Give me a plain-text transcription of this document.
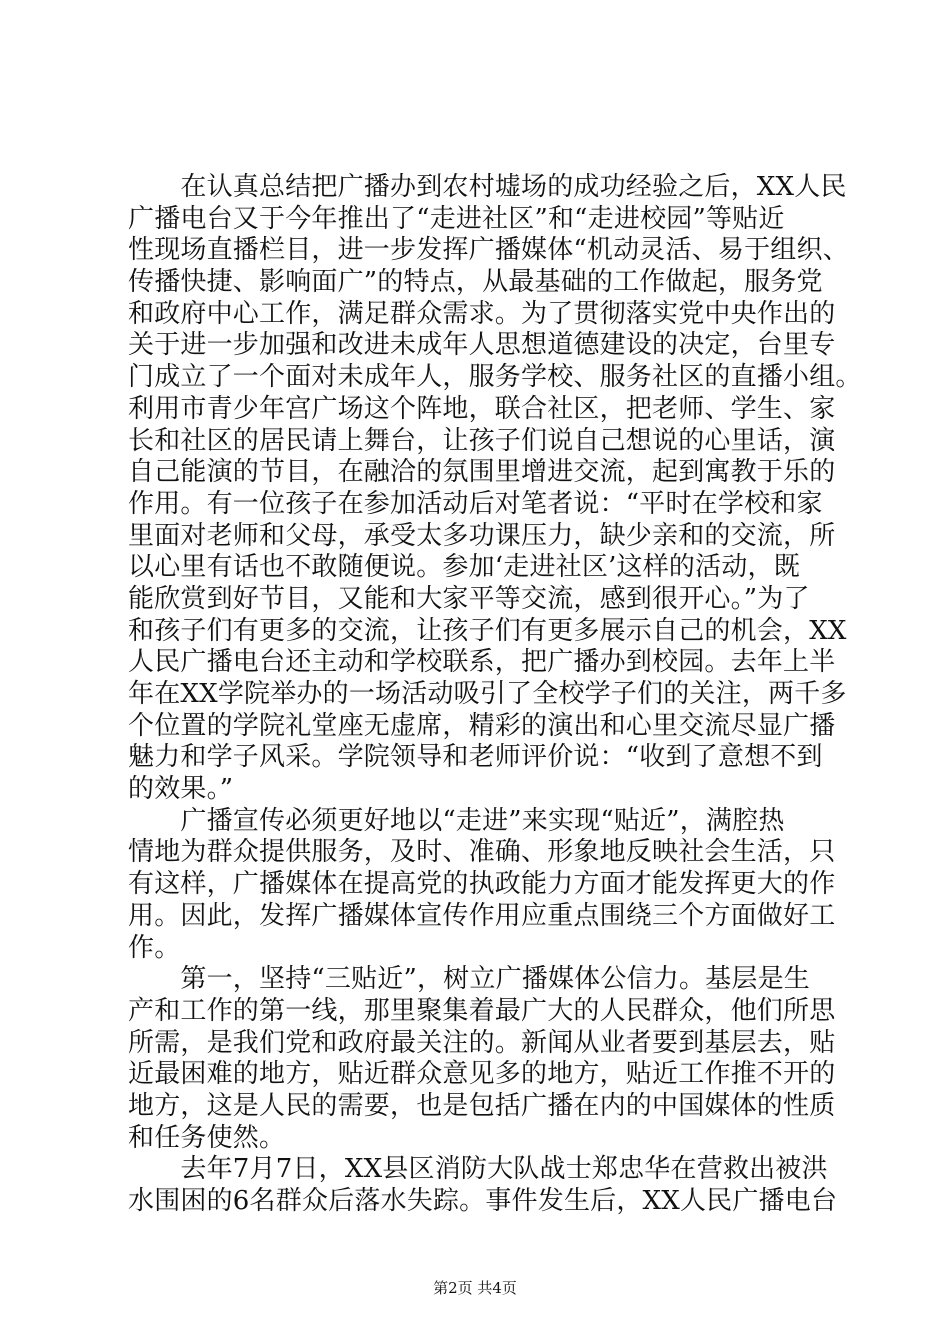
　　在认真总结把广播办到农村墟场的成功经验之后，XX人民
广播电台又于今年推出了“走进社区”和“走进校园”等贴近
性现场直播栏目，进一步发挥广播媒体“机动灵活、易于组织、
传播快捷、影响面广”的特点，从最基础的工作做起，服务党
和政府中心工作，满足群众需求。为了贯彻落实党中央作出的
关于进一步加强和改进未成年人思想道德建设的决定，台里专
门成立了一个面对未成年人，服务学校、服务社区的直播小组。
利用市青少年宫广场这个阵地，联合社区，把老师、学生、家
长和社区的居民请上舞台，让孩子们说自己想说的心里话，演
自己能演的节目，在融洽的氛围里增进交流，起到寓教于乐的
作用。有一位孩子在参加活动后对笔者说：“平时在学校和家
里面对老师和父母，承受太多功课压力，缺少亲和的交流，所
以心里有话也不敢随便说。参加‘走进社区’这样的活动，既
能欣赏到好节目，又能和大家平等交流，感到很开心。”为了
和孩子们有更多的交流，让孩子们有更多展示自己的机会，XX
人民广播电台还主动和学校联系，把广播办到校园。去年上半
年在XX学院举办的一场活动吸引了全校学子们的关注，两千多
个位置的学院礼堂座无虚席，精彩的演出和心里交流尽显广播
魅力和学子风采。学院领导和老师评价说：“收到了意想不到
的效果。”
　　广播宣传必须更好地以“走进”来实现“贴近”，满腔热
情地为群众提供服务，及时、准确、形象地反映社会生活，只
有这样，广播媒体在提高党的执政能力方面才能发挥更大的作
用。因此，发挥广播媒体宣传作用应重点围绕三个方面做好工
作。
　　第一，坚持“三贴近”，树立广播媒体公信力。基层是生
产和工作的第一线，那里聚集着最广大的人民群众，他们所思
所需，是我们党和政府最关注的。新闻从业者要到基层去，贴
近最困难的地方，贴近群众意见多的地方，贴近工作推不开的
地方，这是人民的需要，也是包括广播在内的中国媒体的性质
和任务使然。
　　去年7月7日，XX县区消防大队战士郑忠华在营救出被洪
水围困的6名群众后落水失踪。事件发生后，XX人民广播电台
第2页 共4页
